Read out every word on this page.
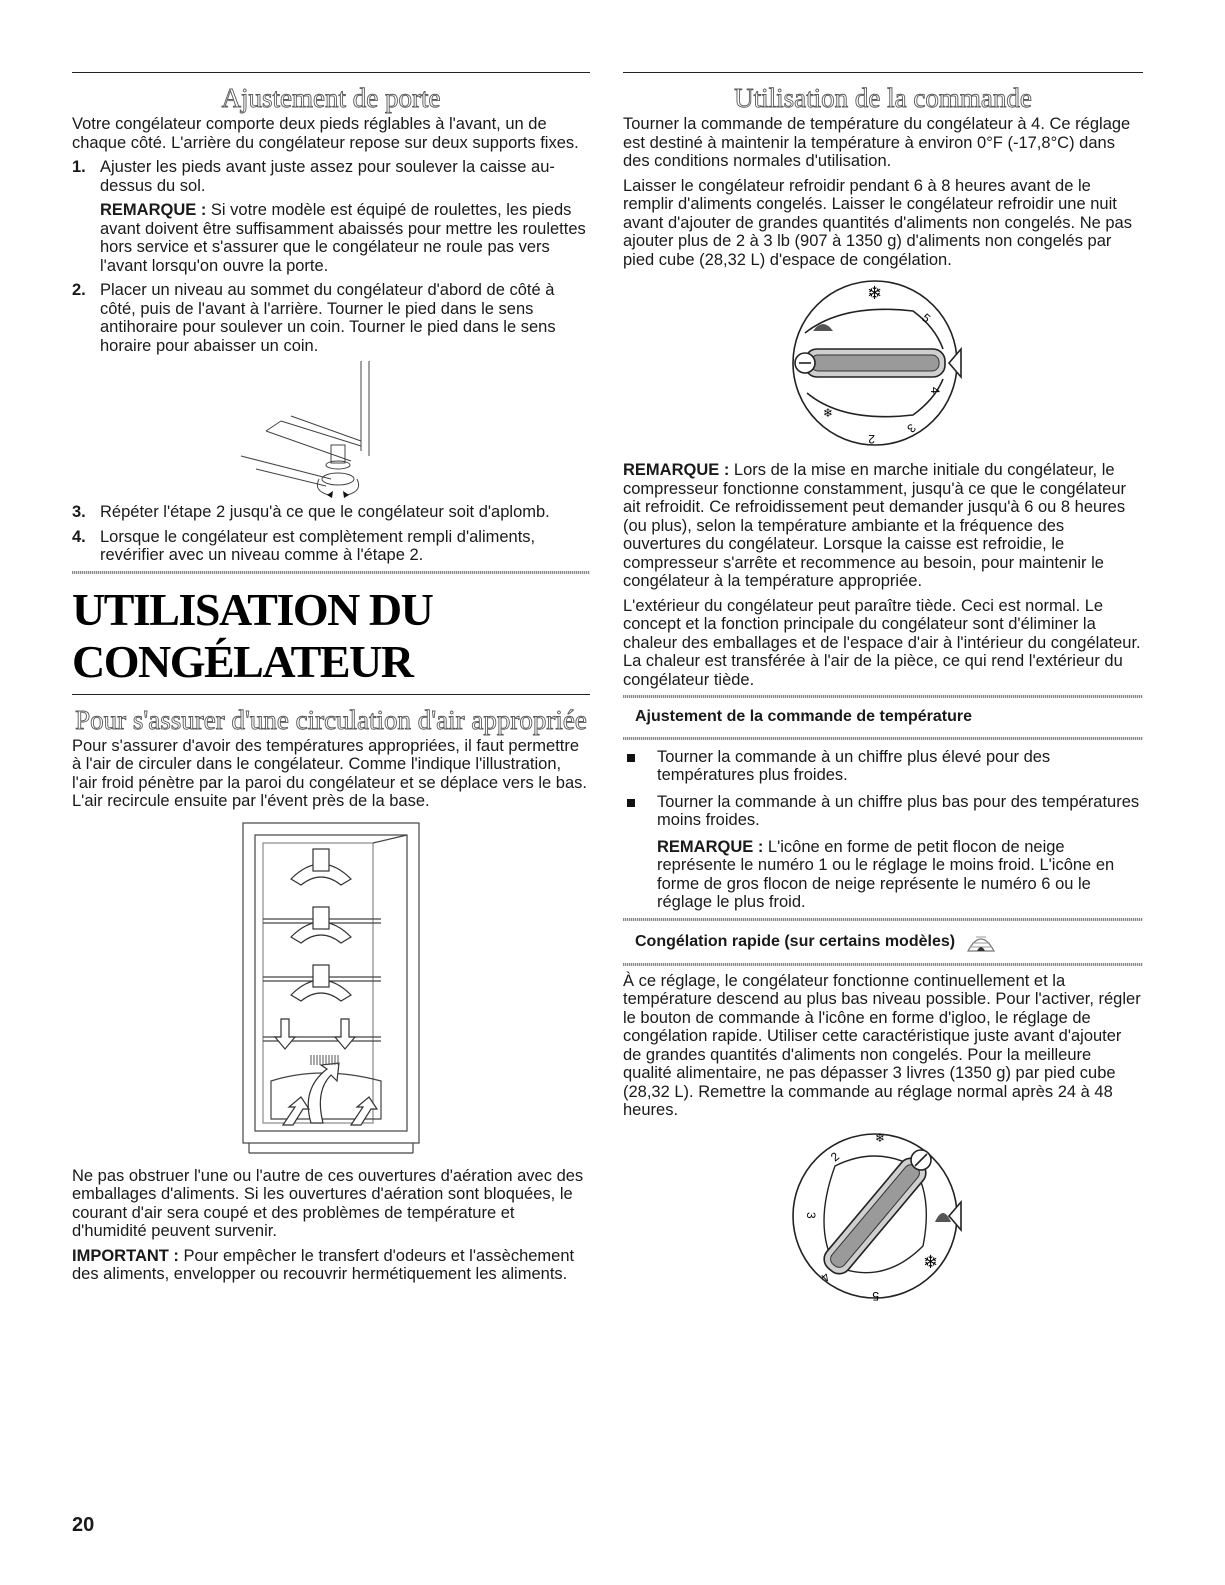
Ajustement de porte

Votre congélateur comporte deux pieds réglables à l'avant, un de chaque côté. L'arrière du congélateur repose sur deux supports fixes.

1. Ajuster les pieds avant juste assez pour soulever la caisse au-dessus du sol.

REMARQUE : Si votre modèle est équipé de roulettes, les pieds avant doivent être suffisamment abaissés pour mettre les roulettes hors service et s'assurer que le congélateur ne roule pas vers l'avant lorsqu'on ouvre la porte.

2. Placer un niveau au sommet du congélateur d'abord de côté à côté, puis de l'avant à l'arrière. Tourner le pied dans le sens antihoraire pour soulever un coin. Tourner le pied dans le sens horaire pour abaisser un coin.

3. Répéter l'étape 2 jusqu'à ce que le congélateur soit d'aplomb.

4. Lorsque le congélateur est complètement rempli d'aliments, revérifier avec un niveau comme à l'étape 2.

UTILISATION DU CONGÉLATEUR
Pour s'assurer d'une circulation d'air appropriée

Pour s'assurer d'avoir des températures appropriées, il faut permettre à l'air de circuler dans le congélateur. Comme l'indique l'illustration, l'air froid pénètre par la paroi du congélateur et se déplace vers le bas. L'air recircule ensuite par l'évent près de la base.

Ne pas obstruer l'une ou l'autre de ces ouvertures d'aération avec des emballages d'aliments. Si les ouvertures d'aération sont bloquées, le courant d'air sera coupé et des problèmes de température et d'humidité peuvent survenir.

IMPORTANT : Pour empêcher le transfert d'odeurs et l'assèchement des aliments, envelopper ou recouvrir hermétiquement les aliments.

Utilisation de la commande

Tourner la commande de température du congélateur à 4. Ce réglage est destiné à maintenir la température à environ 0°F (-17,8°C) dans des conditions normales d'utilisation.

Laisser le congélateur refroidir pendant 6 à 8 heures avant de le remplir d'aliments congelés. Laisser le congélateur refroidir une nuit avant d'ajouter de grandes quantités d'aliments non congelés. Ne pas ajouter plus de 2 à 3 lb (907 à 1350 g) d'aliments non congelés par pied cube (28,32 L) d'espace de congélation.

❄
❄
5
4
3
2

REMARQUE : Lors de la mise en marche initiale du congélateur, le compresseur fonctionne constamment, jusqu'à ce que le congélateur ait refroidit. Ce refroidissement peut demander jusqu'à 6 ou 8 heures (ou plus), selon la température ambiante et la fréquence des ouvertures du congélateur. Lorsque la caisse est refroidie, le compresseur s'arrête et recommence au besoin, pour maintenir le congélateur à la température appropriée.

L'extérieur du congélateur peut paraître tiède. Ceci est normal. Le concept et la fonction principale du congélateur sont d'éliminer la chaleur des emballages et de l'espace d'air à l'intérieur du congélateur. La chaleur est transférée à l'air de la pièce, ce qui rend l'extérieur du congélateur tiède.

Ajustement de la commande de température
Tourner la commande à un chiffre plus élevé pour des températures plus froides.
Tourner la commande à un chiffre plus bas pour des températures moins froides.

REMARQUE : L'icône en forme de petit flocon de neige représente le numéro 1 ou le réglage le moins froid. L'icône en forme de gros flocon de neige représente le numéro 6 ou le réglage le plus froid.

Congélation rapide (sur certains modèles)

À ce réglage, le congélateur fonctionne continuellement et la température descend au plus bas niveau possible. Pour l'activer, régler le bouton de commande à l'icône en forme d'igloo, le réglage de congélation rapide. Utiliser cette caractéristique juste avant d'ajouter de grandes quantités d'aliments non congelés. Pour la meilleure qualité alimentaire, ne pas dépasser 3 livres (1350 g) par pied cube (28,32 L). Remettre la commande au réglage normal après 24 à 48 heures.

❄
❄
2
3
4
5
20
